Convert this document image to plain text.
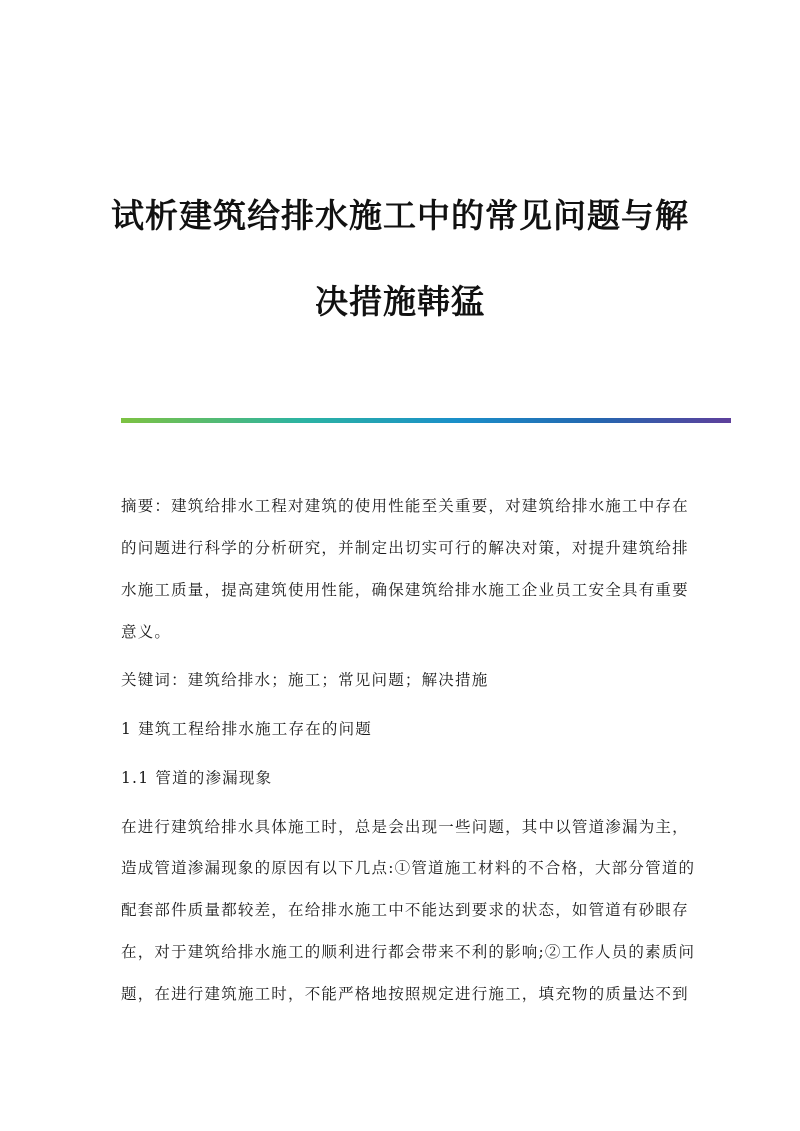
试析建筑给排水施工中的常见问题与解
决措施韩猛
摘要：建筑给排水工程对建筑的使用性能至关重要，对建筑给排水施工中存在
的问题进行科学的分析研究，并制定出切实可行的解决对策，对提升建筑给排
水施工质量，提高建筑使用性能，确保建筑给排水施工企业员工安全具有重要
意义。
关键词：建筑给排水；施工；常见问题；解决措施
1 建筑工程给排水施工存在的问题
1.1 管道的渗漏现象
在进行建筑给排水具体施工时，总是会出现一些问题，其中以管道渗漏为主，
造成管道渗漏现象的原因有以下几点:①管道施工材料的不合格，大部分管道的
配套部件质量都较差，在给排水施工中不能达到要求的状态，如管道有砂眼存
在，对于建筑给排水施工的顺利进行都会带来不利的影响;②工作人员的素质问
题，在进行建筑施工时，不能严格地按照规定进行施工，填充物的质量达不到
